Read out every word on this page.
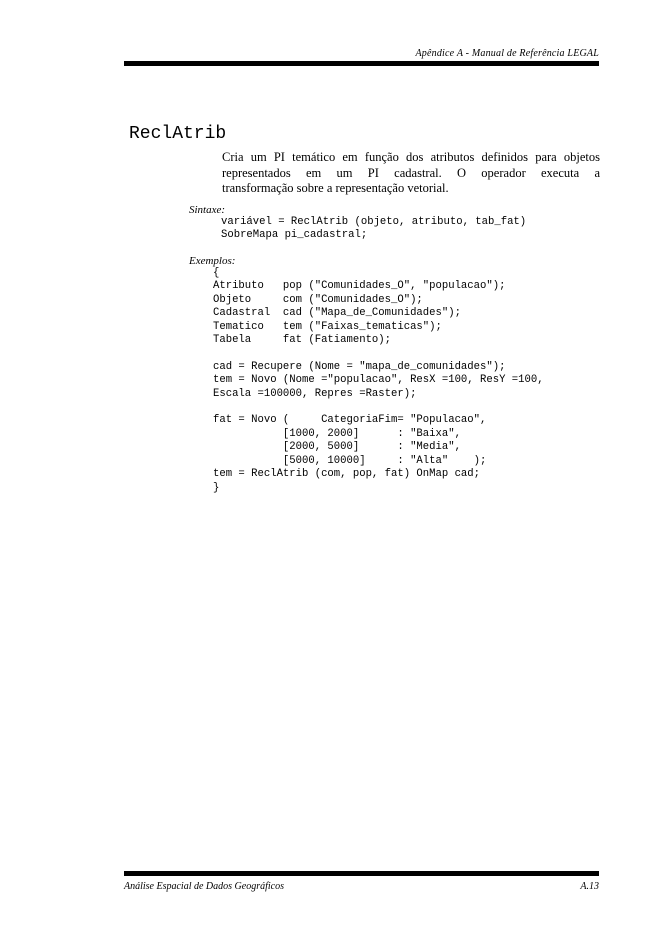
Apêndice A - Manual de Referência LEGAL
ReclAtrib
Cria um PI temático em função dos atributos definidos para objetos
representados em um PI cadastral. O operador executa a
transformação sobre a representação vetorial.
Sintaxe:
variável = ReclAtrib (objeto, atributo, tab_fat)
SobreMapa pi_cadastral;
Exemplos:
{
Atributo   pop ("Comunidades_O", "populacao");
Objeto     com ("Comunidades_O");
Cadastral  cad ("Mapa_de_Comunidades");
Tematico   tem ("Faixas_tematicas");
Tabela     fat (Fatiamento);

cad = Recupere (Nome = "mapa_de_comunidades");
tem = Novo (Nome ="populacao", ResX =100, ResY =100,
Escala =100000, Repres =Raster);

fat = Novo (     CategoriaFim= "Populacao",
[1000, 2000]      : "Baixa",
[2000, 5000]      : "Media",
[5000, 10000]     : "Alta"    );
tem = ReclAtrib (com, pop, fat) OnMap cad;
}
Análise Espacial de Dados Geográficos	A.13
